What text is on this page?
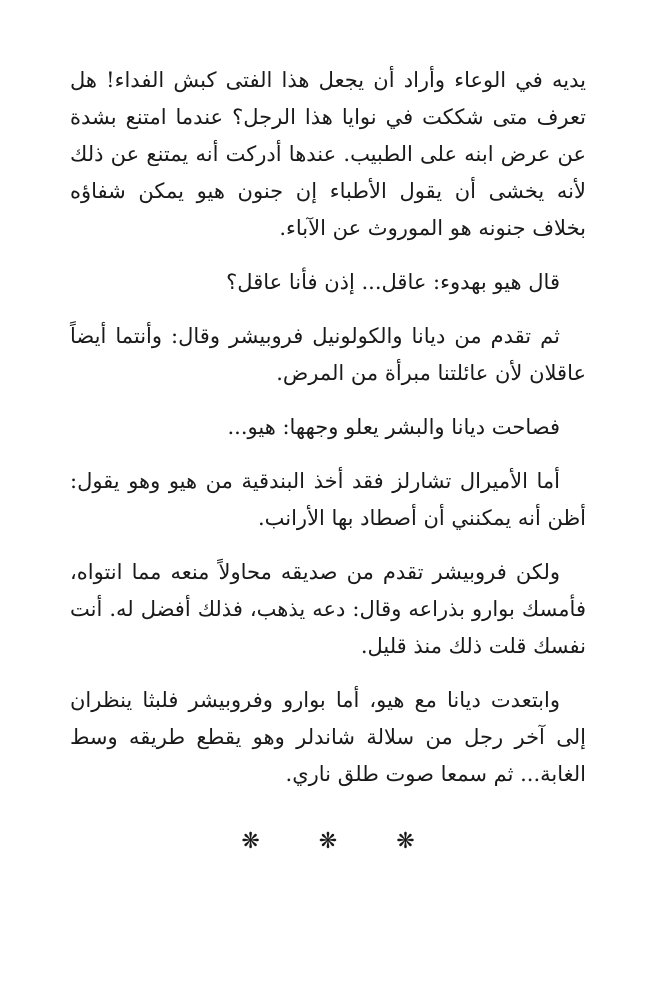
يديه في الوعاء وأراد أن يجعل هذا الفتى كبش الفداء! هل تعرف متى شككت في نوايا هذا الرجل؟ عندما امتنع بشدة عن عرض ابنه على الطبيب. عندها أدركت أنه يمتنع عن ذلك لأنه يخشى أن يقول الأطباء إن جنون هيو يمكن شفاؤه بخلاف جنونه هو الموروث عن الآباء.

قال هيو بهدوء: عاقل... إذن فأنا عاقل؟

ثم تقدم من ديانا والكولونيل فروبيشر وقال: وأنتما أيضاً عاقلان لأن عائلتنا مبرأة من المرض.

فصاحت ديانا والبشر يعلو وجهها: هيو...

أما الأميرال تشارلز فقد أخذ البندقية من هيو وهو يقول: أظن أنه يمكنني أن أصطاد بها الأرانب.

ولكن فروبيشر تقدم من صديقه محاولاً منعه مما انتواه، فأمسك بوارو بذراعه وقال: دعه يذهب، فذلك أفضل له. أنت نفسك قلت ذلك منذ قليل.

وابتعدت ديانا مع هيو، أما بوارو وفروبيشر فلبثا ينظران إلى آخر رجل من سلالة شاندلر وهو يقطع طريقه وسط الغابة... ثم سمعا صوت طلق ناري.

❋ ❋ ❋
